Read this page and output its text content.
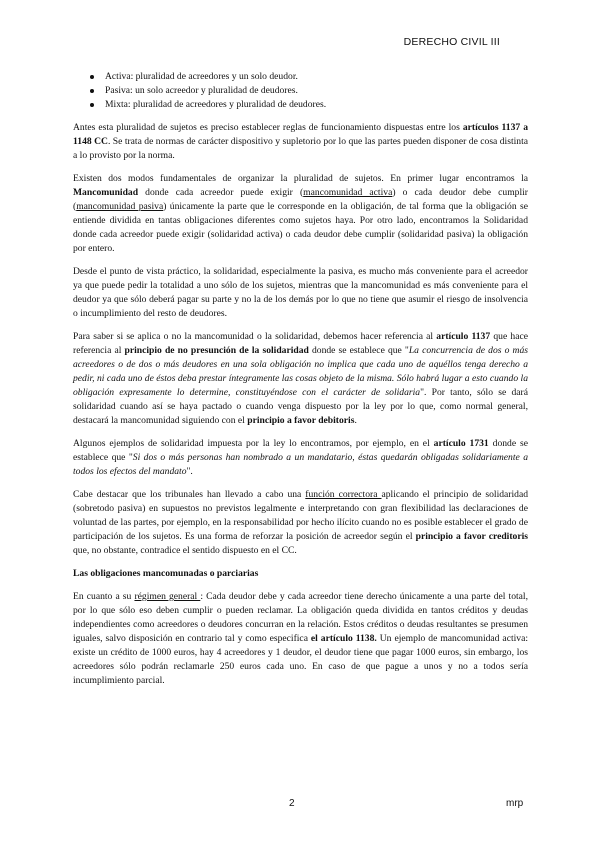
DERECHO CIVIL III
Activa: pluralidad de acreedores y un solo deudor.
Pasiva: un solo acreedor y pluralidad de deudores.
Mixta: pluralidad de acreedores y pluralidad de deudores.

Antes esta pluralidad de sujetos es preciso establecer reglas de funcionamiento dispuestas entre los artículos 1137 a 1148 CC. Se trata de normas de carácter dispositivo y supletorio por lo que las partes pueden disponer de cosa distinta a lo provisto por la norma.

Existen dos modos fundamentales de organizar la pluralidad de sujetos. En primer lugar encontramos la Mancomunidad donde cada acreedor puede exigir (mancomunidad activa) o cada deudor debe cumplir (mancomunidad pasiva) únicamente la parte que le corresponde en la obligación, de tal forma que la obligación se entiende dividida en tantas obligaciones diferentes como sujetos haya. Por otro lado, encontramos la Solidaridad donde cada acreedor puede exigir (solidaridad activa) o cada deudor debe cumplir (solidaridad pasiva) la obligación por entero.

Desde el punto de vista práctico, la solidaridad, especialmente la pasiva, es mucho más conveniente para el acreedor ya que puede pedir la totalidad a uno sólo de los sujetos, mientras que la mancomunidad es más conveniente para el deudor ya que sólo deberá pagar su parte y no la de los demás por lo que no tiene que asumir el riesgo de insolvencia o incumplimiento del resto de deudores.

Para saber si se aplica o no la mancomunidad o la solidaridad, debemos hacer referencia al artículo 1137 que hace referencia al principio de no presunción de la solidaridad donde se establece que "La concurrencia de dos o más acreedores o de dos o más deudores en una sola obligación no implica que cada uno de aquéllos tenga derecho a pedir, ni cada uno de éstos deba prestar íntegramente las cosas objeto de la misma. Sólo habrá lugar a esto cuando la obligación expresamente lo determine, constituyéndose con el carácter de solidaria". Por tanto, sólo se dará solidaridad cuando así se haya pactado o cuando venga dispuesto por la ley por lo que, como normal general, destacará la mancomunidad siguiendo con el principio a favor debitoris.

Algunos ejemplos de solidaridad impuesta por la ley lo encontramos, por ejemplo, en el artículo 1731 donde se establece que "Si dos o más personas han nombrado a un mandatario, éstas quedarán obligadas solidariamente a todos los efectos del mandato".

Cabe destacar que los tribunales han llevado a cabo una función correctora aplicando el principio de solidaridad (sobretodo pasiva) en supuestos no previstos legalmente e interpretando con gran flexibilidad las declaraciones de voluntad de las partes, por ejemplo, en la responsabilidad por hecho ilícito cuando no es posible establecer el grado de participación de los sujetos. Es una forma de reforzar la posición de acreedor según el principio a favor creditoris que, no obstante, contradice el sentido dispuesto en el CC.

Las obligaciones mancomunadas o parciarias

En cuanto a su régimen general : Cada deudor debe y cada acreedor tiene derecho únicamente a una parte del total, por lo que sólo eso deben cumplir o pueden reclamar. La obligación queda dividida en tantos créditos y deudas independientes como acreedores o deudores concurran en la relación. Estos créditos o deudas resultantes se presumen iguales, salvo disposición en contrario tal y como especifica el artículo 1138. Un ejemplo de mancomunidad activa: existe un crédito de 1000 euros, hay 4 acreedores y 1 deudor, el deudor tiene que pagar 1000 euros, sin embargo, los acreedores sólo podrán reclamarle 250 euros cada uno. En caso de que pague a unos y no a todos sería incumplimiento parcial.

2	mrp
